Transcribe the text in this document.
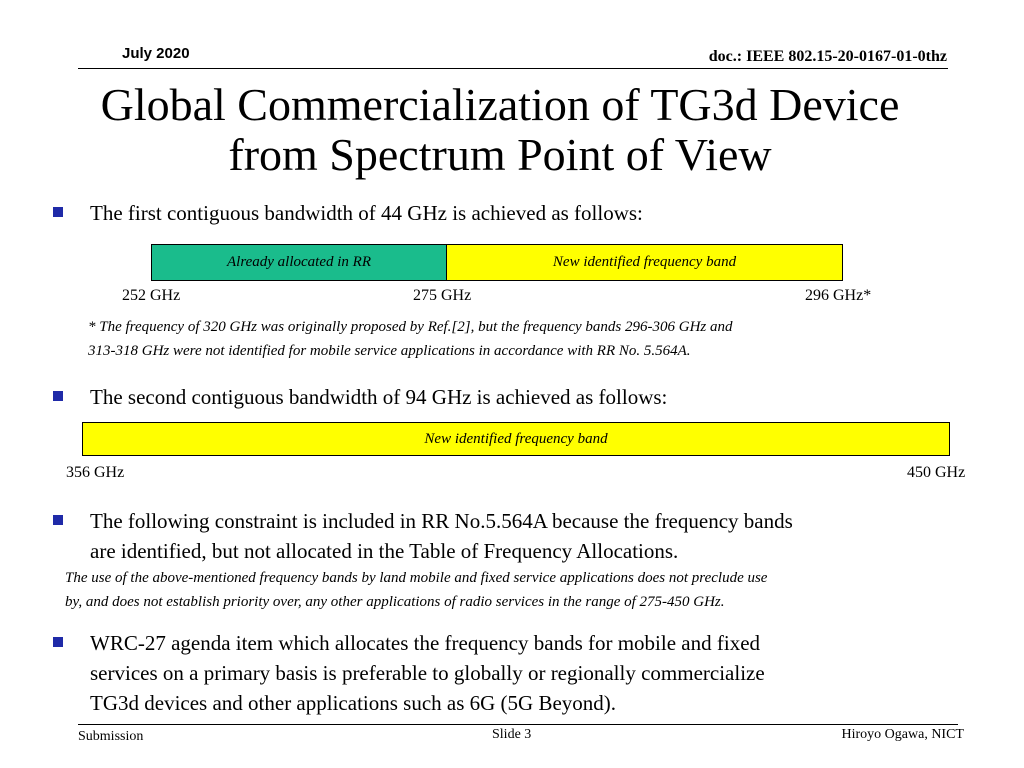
July 2020	doc.: IEEE 802.15-20-0167-01-0thz
Global Commercialization of TG3d Device
from Spectrum Point of View
The first contiguous bandwidth of 44 GHz is achieved as follows:
Already allocated in RR	New identified frequency band
252 GHz	275 GHz	296 GHz*
* The frequency of 320 GHz was originally proposed by Ref.[2], but the frequency bands 296-306 GHz and
313-318 GHz were not identified for mobile service applications in accordance with RR No. 5.564A.
The second contiguous bandwidth of 94 GHz is achieved as follows:
New identified frequency band
356 GHz	450 GHz
The following constraint is included in RR No.5.564A because the frequency bands
are identified, but not allocated in the Table of Frequency Allocations.
The use of the above-mentioned frequency bands by land mobile and fixed service applications does not preclude use
by, and does not establish priority over, any other applications of radio services in the range of 275-450 GHz.
WRC-27 agenda item which allocates the frequency bands for mobile and fixed
services on a primary basis is preferable to globally or regionally commercialize
TG3d devices and other applications such as 6G (5G Beyond).
Submission	Slide 3	Hiroyo Ogawa, NICT
